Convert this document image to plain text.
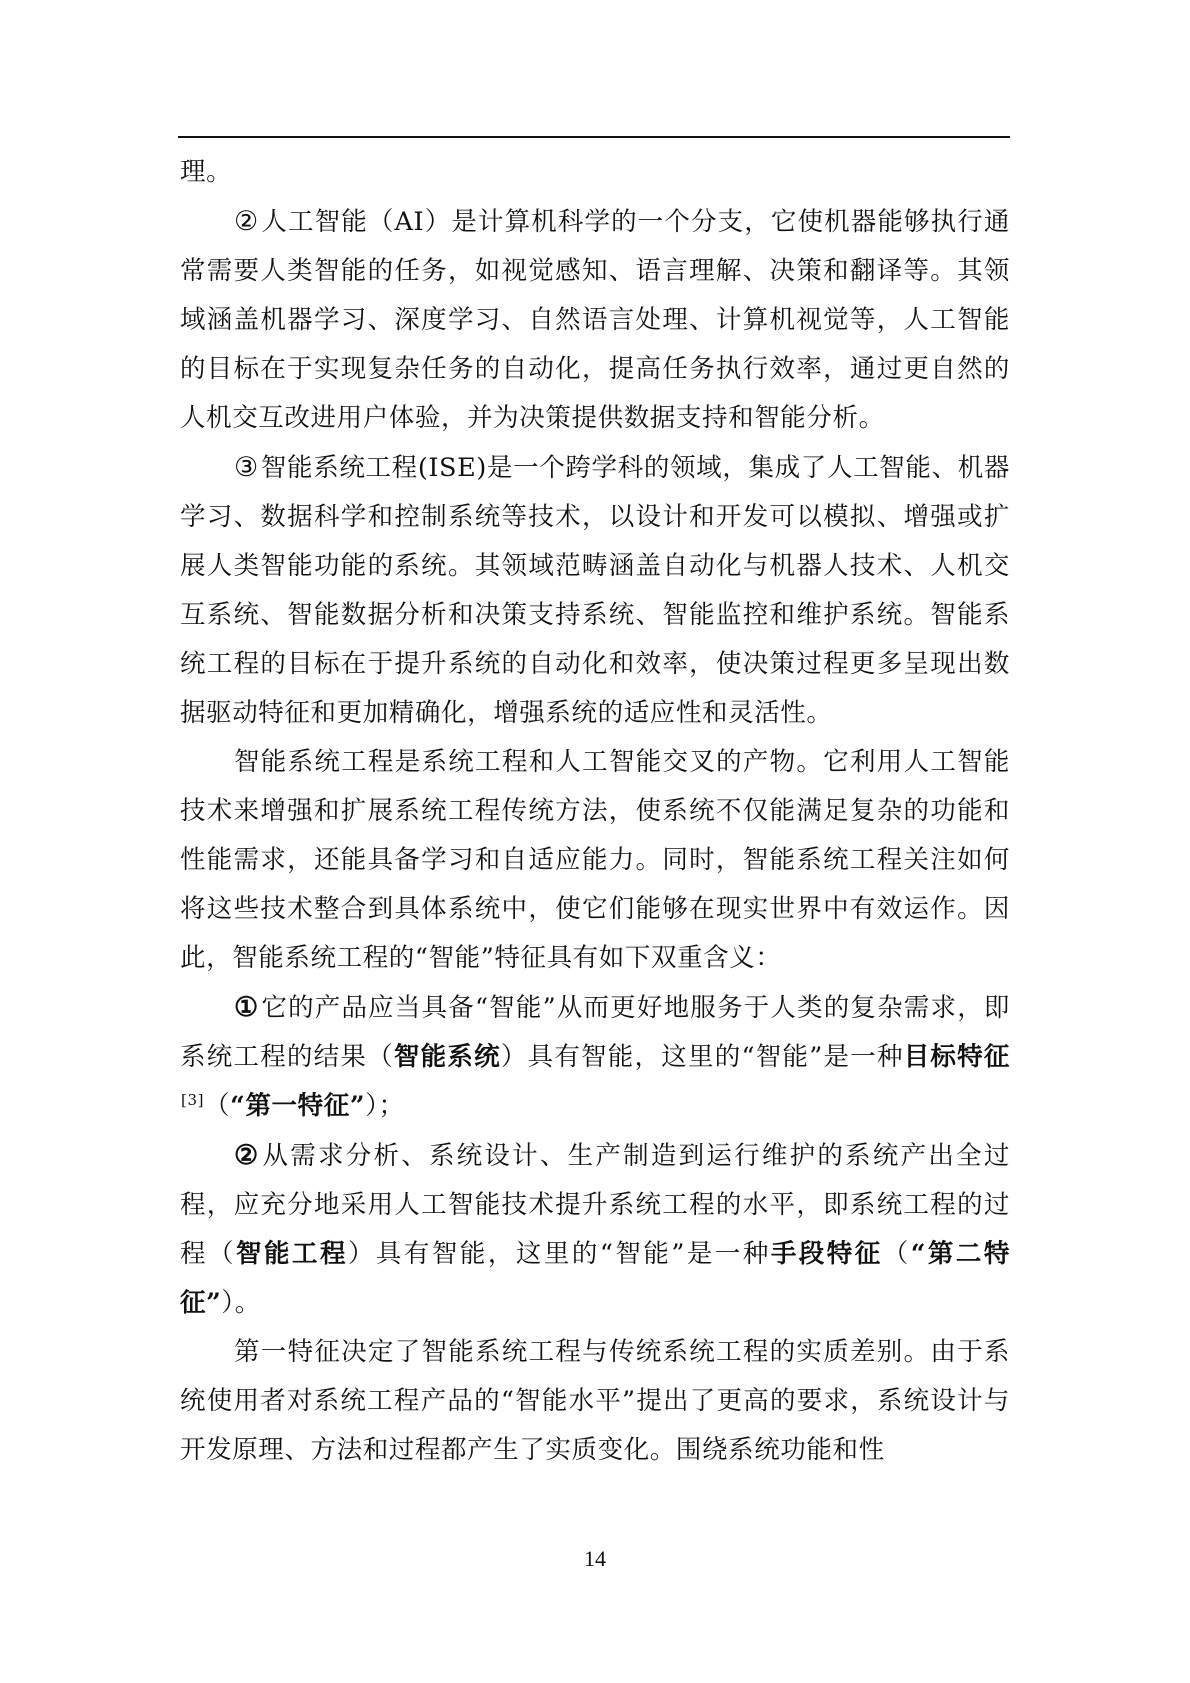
理。

②人工智能（AI）是计算机科学的一个分支，它使机器能够执行通常需要人类智能的任务，如视觉感知、语言理解、决策和翻译等。其领域涵盖机器学习、深度学习、自然语言处理、计算机视觉等，人工智能的目标在于实现复杂任务的自动化，提高任务执行效率，通过更自然的人机交互改进用户体验，并为决策提供数据支持和智能分析。

③智能系统工程(ISE)是一个跨学科的领域，集成了人工智能、机器学习、数据科学和控制系统等技术，以设计和开发可以模拟、增强或扩展人类智能功能的系统。其领域范畴涵盖自动化与机器人技术、人机交互系统、智能数据分析和决策支持系统、智能监控和维护系统。智能系统工程的目标在于提升系统的自动化和效率，使决策过程更多呈现出数据驱动特征和更加精确化，增强系统的适应性和灵活性。

智能系统工程是系统工程和人工智能交叉的产物。它利用人工智能技术来增强和扩展系统工程传统方法，使系统不仅能满足复杂的功能和性能需求，还能具备学习和自适应能力。同时，智能系统工程关注如何将这些技术整合到具体系统中，使它们能够在现实世界中有效运作。因此，智能系统工程的“智能”特征具有如下双重含义：

①它的产品应当具备“智能”从而更好地服务于人类的复杂需求，即系统工程的结果（智能系统）具有智能，这里的“智能”是一种目标特征[3]（“第一特征”）；

②从需求分析、系统设计、生产制造到运行维护的系统产出全过程，应充分地采用人工智能技术提升系统工程的水平，即系统工程的过程（智能工程）具有智能，这里的“智能”是一种手段特征（“第二特征”）。

第一特征决定了智能系统工程与传统系统工程的实质差别。由于系统使用者对系统工程产品的“智能水平”提出了更高的要求，系统设计与开发原理、方法和过程都产生了实质变化。围绕系统功能和性

14
